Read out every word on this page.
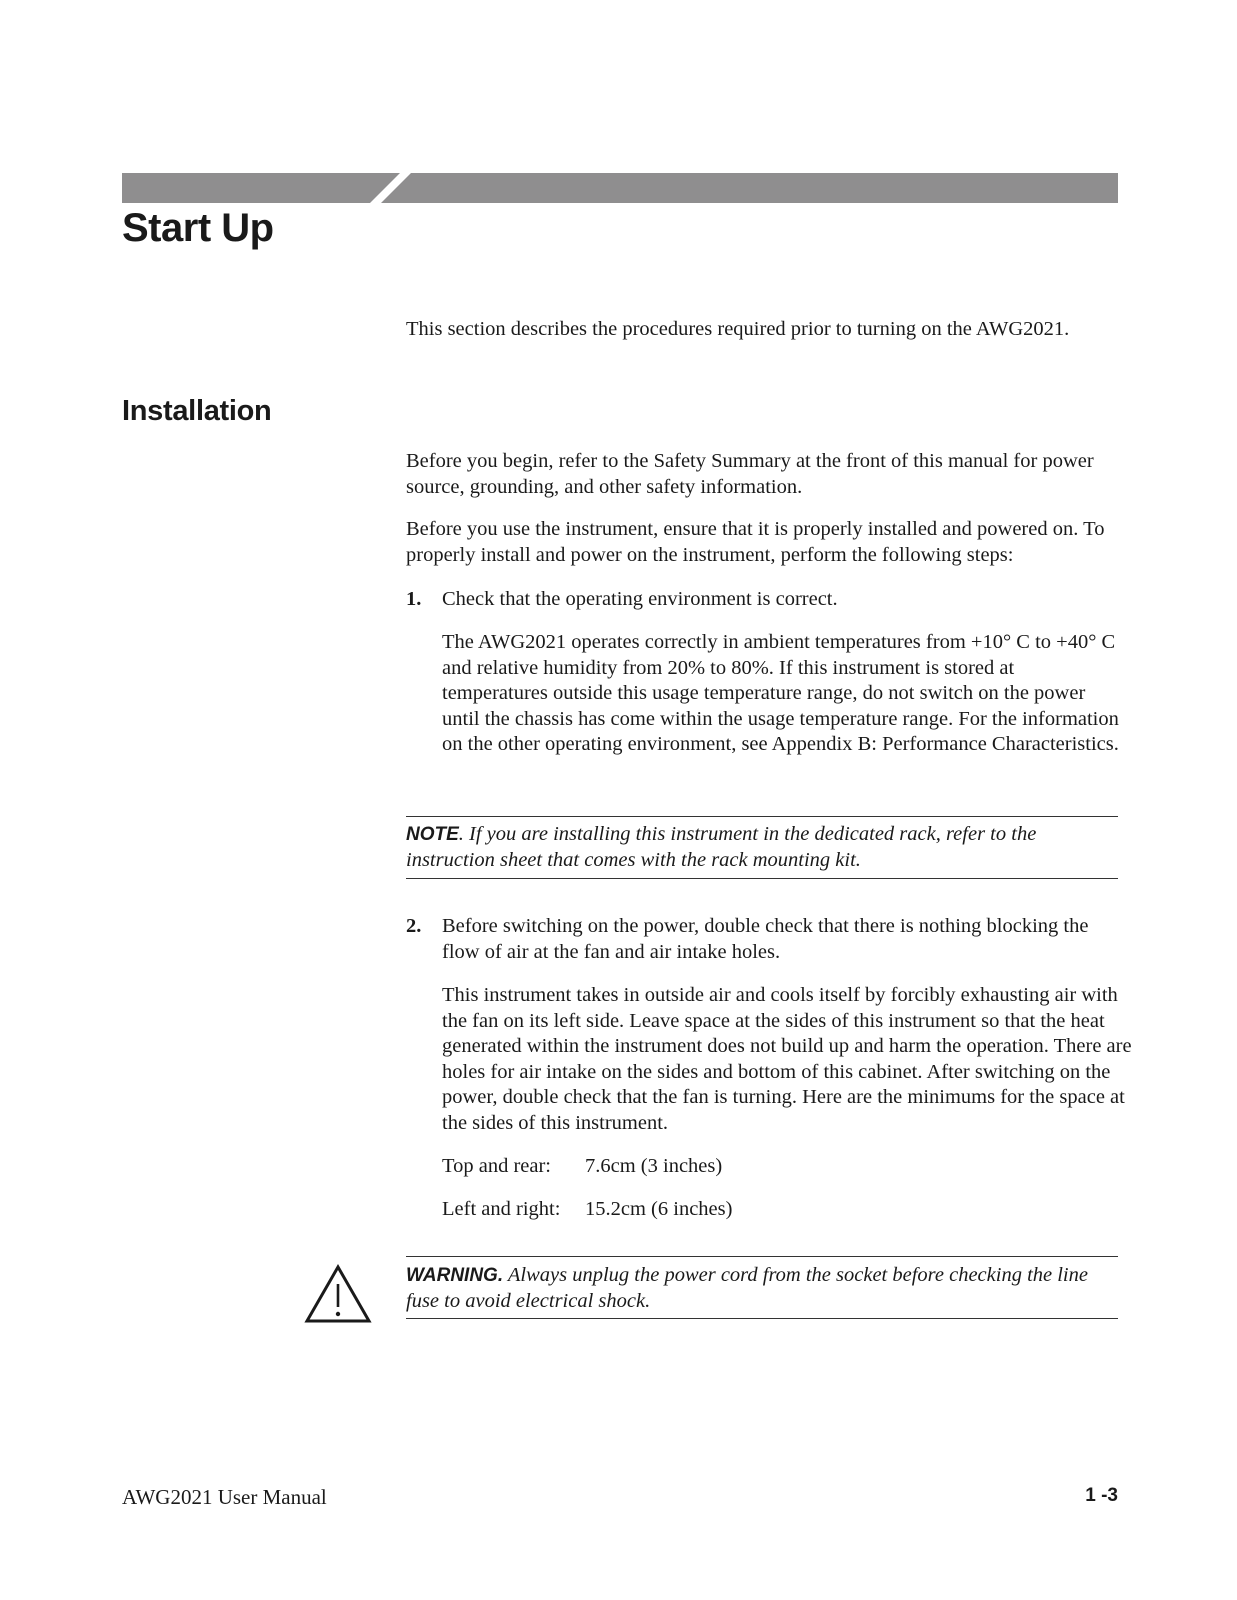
Start Up

This section describes the procedures required prior to turning on the AWG2021.

Installation

Before you begin, refer to the Safety Summary at the front of this manual for power source, grounding, and other safety information.

Before you use the instrument, ensure that it is properly installed and powered on. To properly install and power on the instrument, perform the following steps:

1. Check that the operating environment is correct.

The AWG2021 operates correctly in ambient temperatures from +10° C to +40° C and relative humidity from 20% to 80%. If this instrument is stored at temperatures outside this usage temperature range, do not switch on the power until the chassis has come within the usage temperature range. For the information on the other operating environment, see Appendix B: Performance Characteristics.

NOTE. If you are installing this instrument in the dedicated rack, refer to the instruction sheet that comes with the rack mounting kit.
2. Before switching on the power, double check that there is nothing blocking the flow of air at the fan and air intake holes.

This instrument takes in outside air and cools itself by forcibly exhausting air with the fan on its left side. Leave space at the sides of this instrument so that the heat generated within the instrument does not build up and harm the operation. There are holes for air intake on the sides and bottom of this cabinet. After switching on the power, double check that the fan is turning. Here are the minimums for the space at the sides of this instrument.

Top and rear: 7.6cm (3 inches)
Left and right: 15.2cm (6 inches)
WARNING. Always unplug the power cord from the socket before checking the line fuse to avoid electrical shock.
AWG2021 User Manual	1 -3
